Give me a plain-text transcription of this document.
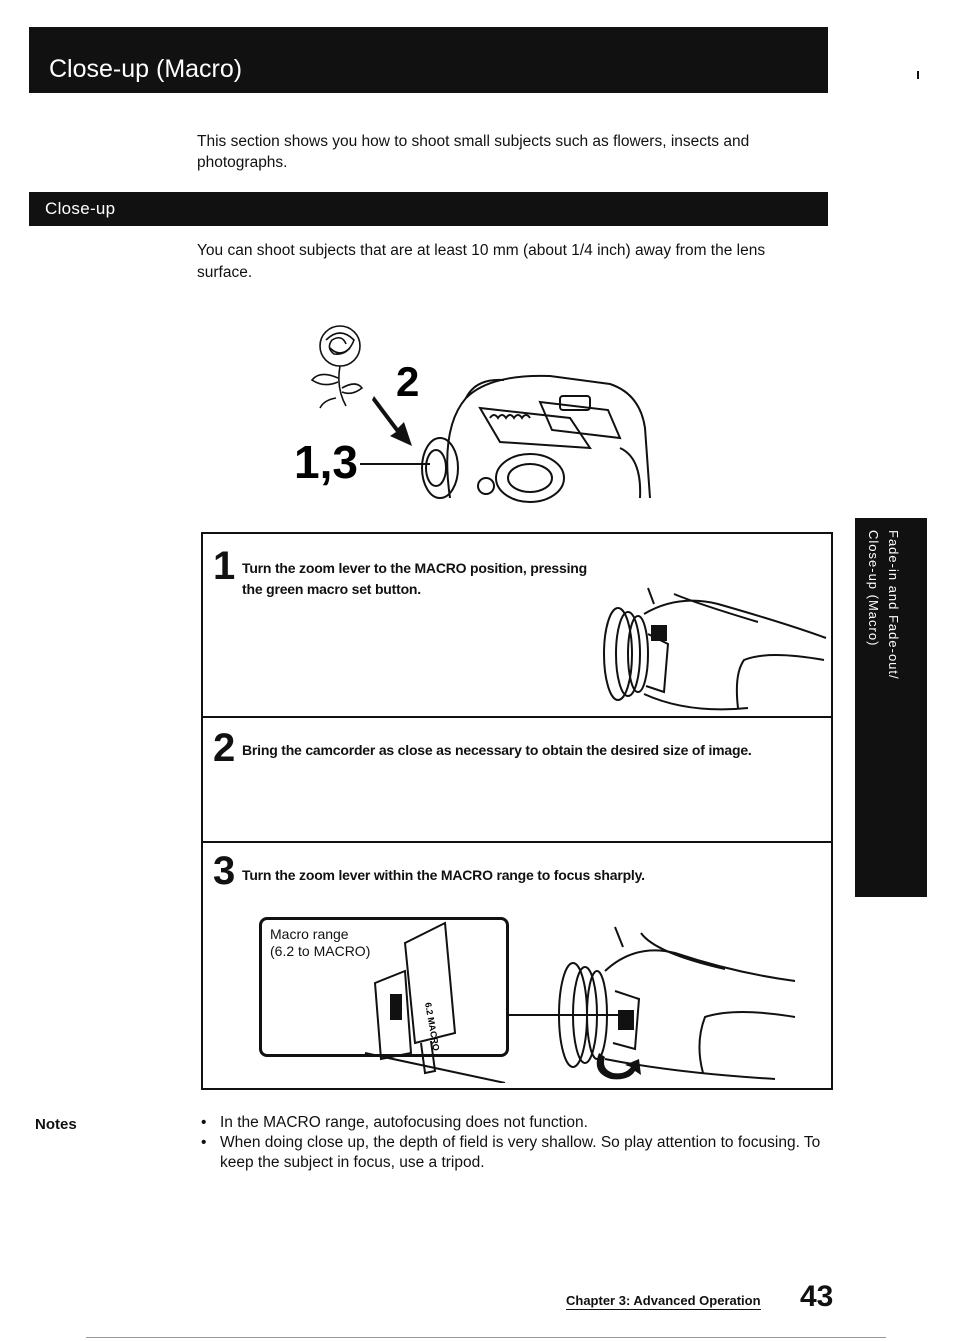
Close-up (Macro)

This section shows you how to shoot small subjects such as flowers, insects and photographs.

Close-up

You can shoot subjects that are at least 10 mm (about 1/4 inch) away from the lens surface.

2
1,3
1 Turn the zoom lever to the MACRO position, pressing the green macro set button.
2 Bring the camcorder as close as necessary to obtain the desired size of image.
3 Turn the zoom lever within the MACRO range to focus sharply.
6.2 MACRO
Macro range
(6.2 to MACRO)
Notes	• In the MACRO range, autofocusing does not function.
• When doing close up, the depth of field is very shallow. So play attention to focusing. To keep the subject in focus, use a tripod.
Fade-in and Fade-out/
Close-up (Macro)
Chapter 3: Advanced Operation 43
